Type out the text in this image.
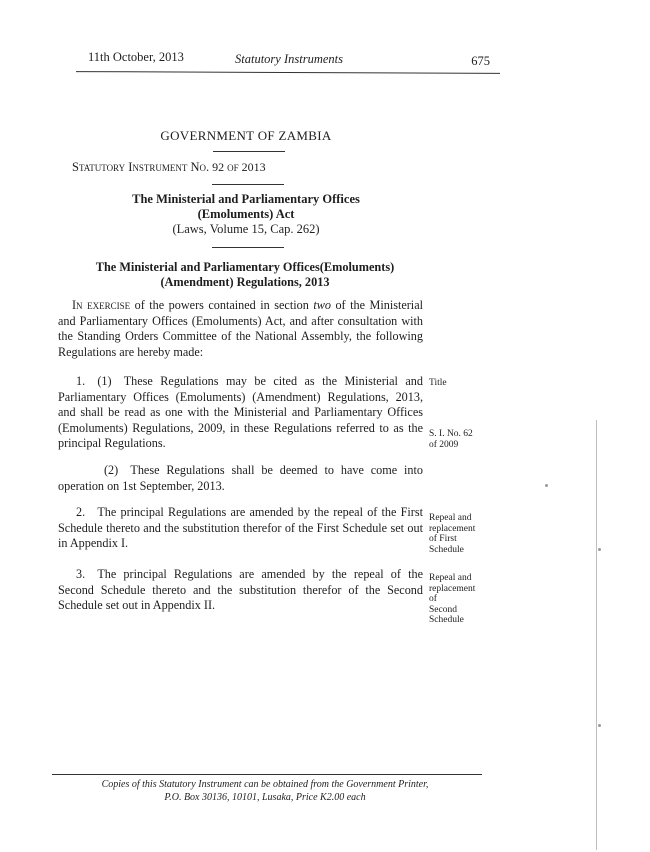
11th October, 2013	Statutory Instruments	675
GOVERNMENT OF ZAMBIA
Statutory Instrument No. 92 of 2013
The Ministerial and Parliamentary Offices
(Emoluments) Act
(Laws, Volume 15, Cap. 262)
The Ministerial and Parliamentary Offices(Emoluments)
(Amendment) Regulations, 2013
In exercise of the powers contained in section two of the Ministerial and Parliamentary Offices (Emoluments) Act, and after consultation with the Standing Orders Committee of the National Assembly, the following Regulations are hereby made:
1. (1) These Regulations may be cited as the Ministerial and Parliamentary Offices (Emoluments) (Amendment) Regulations, 2013, and shall be read as one with the Ministerial and Parliamentary Offices (Emoluments) Regulations, 2009, in these Regulations referred to as the principal Regulations.
(2) These Regulations shall be deemed to have come into operation on 1st September, 2013.
2. The principal Regulations are amended by the repeal of the First Schedule thereto and the substitution therefor of the First Schedule set out in Appendix I.
3. The principal Regulations are amended by the repeal of the Second Schedule thereto and the substitution therefor of the Second Schedule set out in Appendix II.
Title
S. I. No. 62
of 2009
Repeal and
replacement
of First
Schedule
Repeal and
replacement
of
Second
Schedule
Copies of this Statutory Instrument can be obtained from the Government Printer,
P.O. Box 30136, 10101, Lusaka, Price K2.00 each
